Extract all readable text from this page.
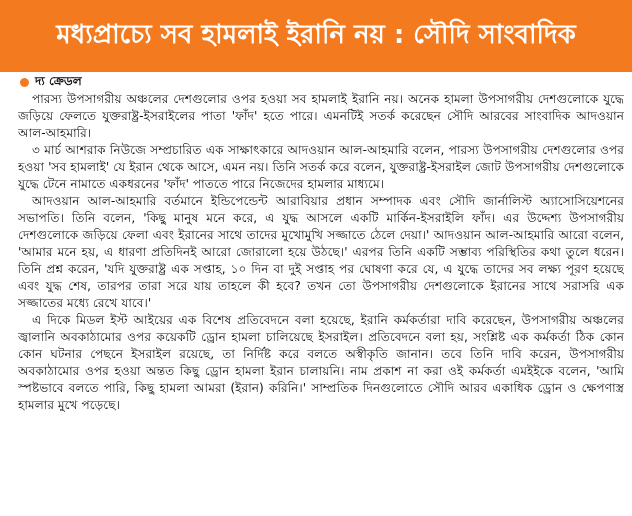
মধ্যপ্রাচ্যে সব হামলাই ইরানি নয় : সৌদি সাংবাদিক
দ্য ক্রেডল

পারস্য উপসাগরীয় অঞ্চলের দেশগুলোর ওপর হওয়া সব হামলাই ইরানি নয়। অনেক হামলা উপসাগরীয় দেশগুলোকে যুদ্ধে জড়িয়ে ফেলতে যুক্তরাষ্ট্র-ইসরাইলের পাতা 'ফাঁদ' হতে পারে। এমনটিই সতর্ক করেছেন সৌদি আরবের সাংবাদিক আদওয়ান আল-আহমারি।

৩ মার্চ আশরাক নিউজে সম্প্রচারিত এক সাক্ষাৎকারে আদওয়ান আল-আহমারি বলেন, পারস্য উপসাগরীয় দেশগুলোর ওপর হওয়া 'সব হামলাই' যে ইরান থেকে আসে, এমন নয়। তিনি সতর্ক করে বলেন, যুক্তরাষ্ট্র-ইসরাইল জোট উপসাগরীয় দেশগুলোকে যুদ্ধে টেনে নামাতে একধরনের 'ফাঁদ' পাততে পারে নিজেদের হামলার মাধ্যমে।

আদওয়ান আল-আহমারি বর্তমানে ইন্ডিপেন্ডেন্ট আরাবিয়ার প্রধান সম্পাদক এবং সৌদি জার্নালিস্ট অ্যাসোসিয়েশনের সভাপতি। তিনি বলেন, 'কিছু মানুষ মনে করে, এ যুদ্ধ আসলে একটি মার্কিন-ইসরাইলি ফাঁদ। এর উদ্দেশ্য উপসাগরীয় দেশগুলোকে জড়িয়ে ফেলা এবং ইরানের সাথে তাদের মুখোমুখি সজ্জাতে ঠেলে দেয়া।' আদওয়ান আল-আহমারি আরো বলেন, 'আমার মনে হয়, এ ধারণা প্রতিদিনই আরো জোরালো হয়ে উঠছে।' এরপর তিনি একটি সম্ভাব্য পরিস্থিতির কথা তুলে ধরেন। তিনি প্রশ্ন করেন, 'যদি যুক্তরাষ্ট্র এক সপ্তাহ, ১০ দিন বা দুই সপ্তাহ পর ঘোষণা করে যে, এ যুদ্ধে তাদের সব লক্ষ্য পূরণ হয়েছে এবং যুদ্ধ শেষ, তারপর তারা সরে যায় তাহলে কী হবে? তখন তো উপসাগরীয় দেশগুলোকে ইরানের সাথে সরাসরি এক সজ্জাতের মধ্যে রেখে যাবে।'

এ দিকে মিডল ইস্ট আইয়ের এক বিশেষ প্রতিবেদনে বলা হয়েছে, ইরানি কর্মকর্তারা দাবি করেছেন, উপসাগরীয় অঞ্চলের জ্বালানি অবকাঠামোর ওপর কয়েকটি ড্রোন হামলা চালিয়েছে ইসরাইল। প্রতিবেদনে বলা হয়, সংশ্লিষ্ট এক কর্মকর্তা ঠিক কোন কোন ঘটনার পেছনে ইসরাইল রয়েছে, তা নির্দিষ্ট করে বলতে অস্বীকৃতি জানান। তবে তিনি দাবি করেন, উপসাগরীয় অবকাঠামোর ওপর হওয়া অন্তত কিছু ড্রোন হামলা ইরান চালায়নি। নাম প্রকাশ না করা ওই কর্মকর্তা এমইইকে বলেন, 'আমি স্পষ্টভাবে বলতে পারি, কিছু হামলা আমরা (ইরান) করিনি।' সাম্প্রতিক দিনগুলোতে সৌদি আরব একাধিক ড্রোন ও ক্ষেপণাস্ত্র হামলার মুখে পড়েছে।
